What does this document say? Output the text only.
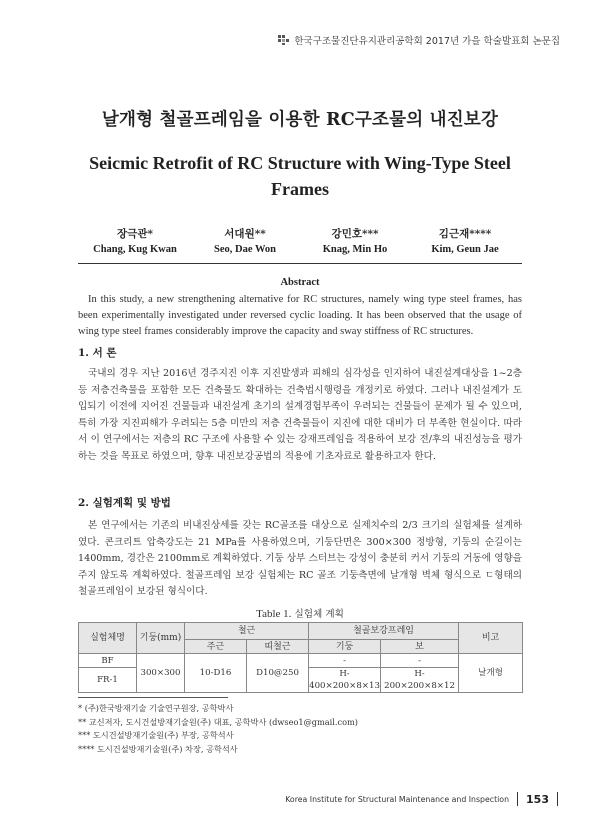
한국구조물진단유지관리공학회 2017년 가을 학술발표회 논문집
날개형 철골프레임을 이용한 RC구조물의 내진보강
Seicmic Retrofit of RC Structure with Wing-Type Steel Frames
장극관*
Chang, Kug Kwan
서대원**
Seo, Dae Won
강민호***
Knag, Min Ho
김근재****
Kim, Geun Jae
Abstract

In this study, a new strengthening alternative for RC structures, namely wing type steel frames, has been experimentally investigated under reversed cyclic loading. It has been observed that the usage of wing type steel frames considerably improve the capacity and sway stiffness of RC structures.

1. 서 론

국내의 경우 지난 2016년 경주지진 이후 지진발생과 피해의 심각성을 인지하여 내진설계대상을 1~2층 등 저층건축물을 포함한 모든 건축물도 확대하는 건축법시행령을 개정키로 하였다. 그러나 내진설계가 도입되기 이전에 지어진 건물들과 내진설계 초기의 설계경험부족이 우려되는 건물들이 문제가 될 수 있으며, 특히 가장 지진피해가 우려되는 5층 미만의 저층 건축물들이 지진에 대한 대비가 더 부족한 현실이다. 따라서 이 연구에서는 저층의 RC 구조에 사용할 수 있는 강재프레임을 적용하여 보강 전/후의 내진성능을 평가하는 것을 목표로 하였으며, 향후 내진보강공법의 적용에 기초자료로 활용하고자 한다.

2. 실험계획 및 방법

본 연구에서는 기존의 비내진상세를 갖는 RC골조를 대상으로 실제치수의 2/3 크기의 실험체를 설계하였다. 콘크리트 압축강도는 21 MPa를 사용하였으며, 기둥단면은 300×300 정방형, 기둥의 순길이는 1400mm, 경간은 2100mm로 계획하였다. 기둥 상부 스터브는 강성이 충분히 커서 기둥의 거동에 영향을 주지 않도록 계획하였다. 철골프레임 보강 실험체는 RC 골조 기둥측면에 날개형 벽체 형식으로 ㄷ형태의 철골프레임이 보강된 형식이다.

Table 1. 실험체 계획
실험체명	기둥(mm)	철근		철골보강프레임		비고
		주근	띠철근	기둥	보	
BF	300×300	10-D16	D10@250	-	-	날개형
FR-1				H-400×200×8×13	H-200×200×8×12	
* (주)한국방재기술 기술연구원장, 공학박사
** 교신저자, 도시건설방재기술원(주) 대표, 공학박사 (dwseo1@gmail.com)
*** 도시건설방재기술원(주) 부장, 공학석사
**** 도시건설방재기술원(주) 차장, 공학석사
Korea Institute for Structural Maintenance and Inspection 153
